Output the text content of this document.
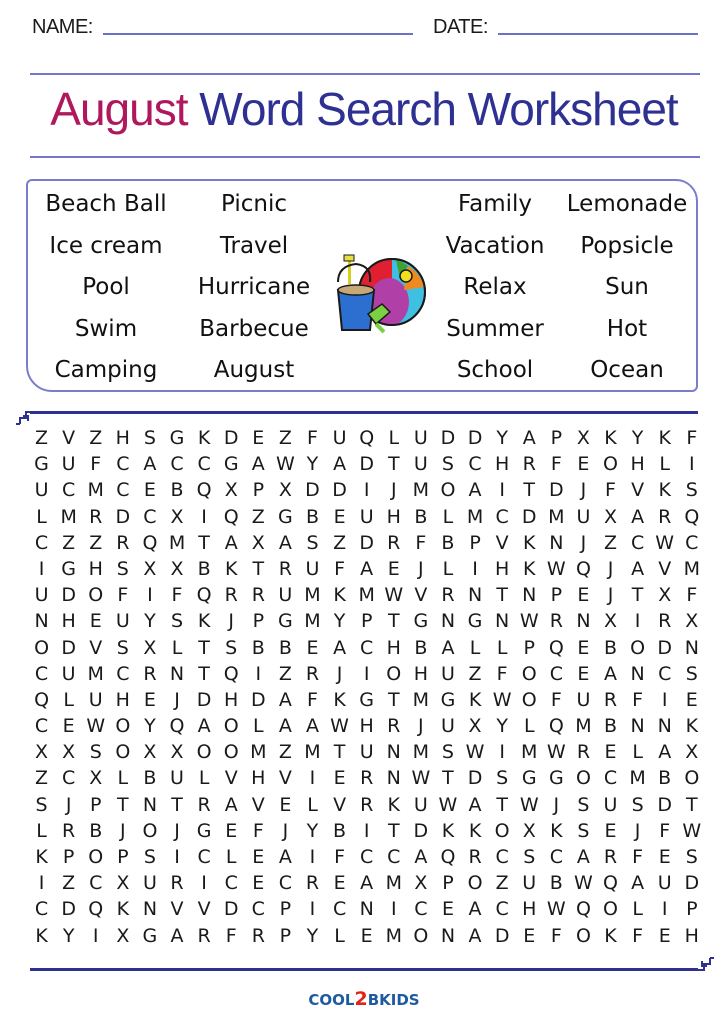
NAME:	DATE:
August Word Search Worksheet
Beach Ball
Ice cream
Pool
Swim
Camping
Picnic
Travel
Hurricane
Barbecue
August
Family
Vacation
Relax
Summer
School
Lemonade
Popsicle
Sun
Hot
Ocean
Z V Z H S G K D E Z F U Q L U D D Y A P X K Y K F
G U F C A C C G A W Y A D T U S C H R F E O H L I
U C M C E B Q X P X D D I	J M O A I T D J F V K S
L M R D C X I Q Z G B E U H B L M C D M U X A R Q
C Z Z R Q M T A X A S Z D R F B P V K N J Z C W C
I G H S X X B K T R U F A E J	L I H K W Q J A V M
U D O F I F Q R R U M K M W V R N T N P E J T X F
N H E U Y S K J P G M Y P T G N G N W R N X I R X
O D V S X L T S B B E A C H B A L L P Q E B O D N
C U M C R N T Q I Z R J	I O H U Z F O C E A N C S
Q L U H E J D H D A F K G T M G K W O F U R F I E
C E W O Y Q A O L A A W H R J U X Y L Q M B N N K
X X S O X X O O M Z M T U N M S W I M W R E L A X
Z C X L B U L V H V I E R N W T D S G G O C M B O
S J P T N T R A V E L V R K U W A T W J S U S D T
L R B J O J G E F J Y B I T D K K O X K S E J F W
K P O P S I C L E A I F C C A Q R C S C A R F E S
I Z C X U R I C E C R E A M X P O Z U B W Q A U D
C D Q K N V V D C P I C N I C E A C H W Q O L I P
K Y I X G A R F R P Y L E M O N A D E F O K F E H
COOL2BKIDS
